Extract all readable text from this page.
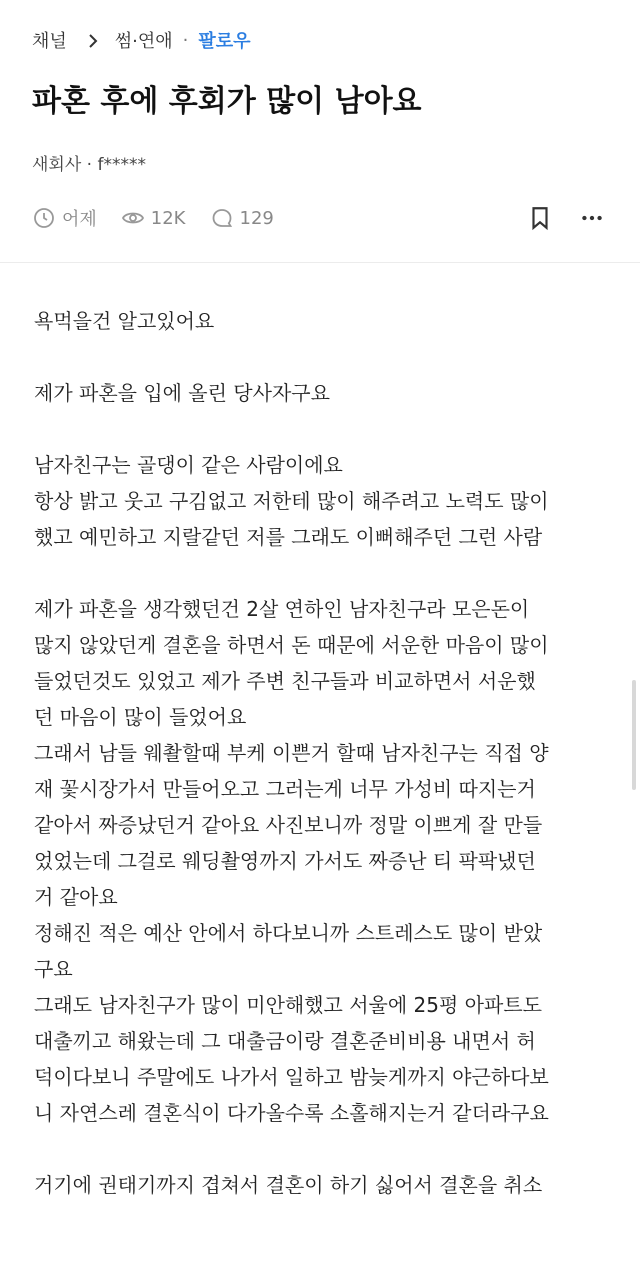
채널	썸·연애 · 팔로우
파혼 후에 후회가 많이 남아요
새회사 · f*****
어제	12K	129
욕먹을건 알고있어요
제가 파혼을 입에 올린 당사자구요
남자친구는 골댕이 같은 사람이에요
항상 밝고 웃고 구김없고 저한테 많이 해주려고 노력도 많이
했고 예민하고 지랄같던 저를 그래도 이뻐해주던 그런 사람
제가 파혼을 생각했던건 2살 연하인 남자친구라 모은돈이
많지 않았던게 결혼을 하면서 돈 때문에 서운한 마음이 많이
들었던것도 있었고 제가 주변 친구들과 비교하면서 서운했
던 마음이 많이 들었어요
그래서 남들 웨촬할때 부케 이쁜거 할때 남자친구는 직접 양
재 꽃시장가서 만들어오고 그러는게 너무 가성비 따지는거
같아서 짜증났던거 같아요 사진보니까 정말 이쁘게 잘 만들
었었는데 그걸로 웨딩촬영까지 가서도 짜증난 티 팍팍냈던
거 같아요
정해진 적은 예산 안에서 하다보니까 스트레스도 많이 받았
구요
그래도 남자친구가 많이 미안해했고 서울에 25평 아파트도
대출끼고 해왔는데 그 대출금이랑 결혼준비비용 내면서 허
덕이다보니 주말에도 나가서 일하고 밤늦게까지 야근하다보
니 자연스레 결혼식이 다가올수록 소홀해지는거 같더라구요
거기에 권태기까지 겹쳐서 결혼이 하기 싫어서 결혼을 취소
